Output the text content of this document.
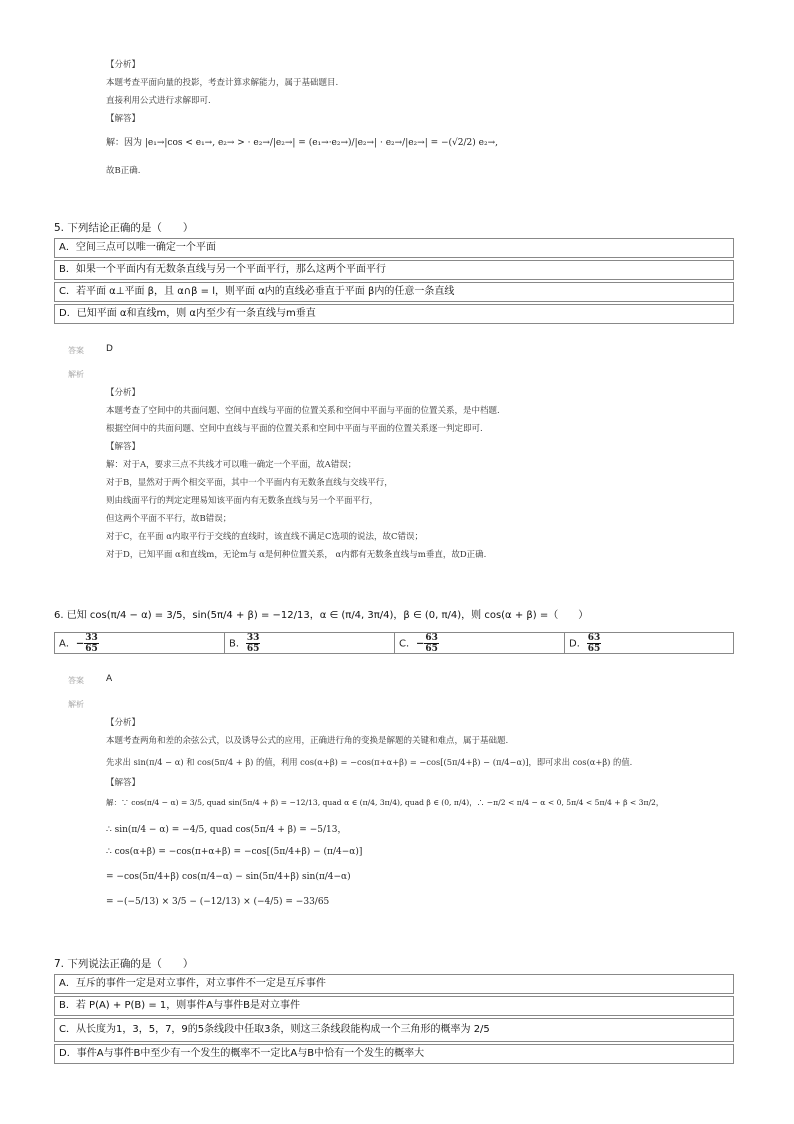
【分析】
本题考查平面向量的投影，考查计算求解能力，属于基础题目.
直接利用公式进行求解即可.
【解答】
解：因为 |e₁→|cos < e₁→, e₂→ > · e₂→/|e₂→| = (e₁→·e₂→)/|e₂→| · e₂→/|e₂→| = −(√2/2) e₂→,
故B正确.
5. 下列结论正确的是（　　）
A．空间三点可以唯一确定一个平面
B．如果一个平面内有无数条直线与另一个平面平行，那么这两个平面平行
C．若平面 α⊥平面 β，且 α∩β = l，则平面 α内的直线必垂直于平面 β内的任意一条直线
D．已知平面 α和直线m，则 α内至少有一条直线与m垂直
答案 D
解析
【分析】
本题考查了空间中的共面问题、空间中直线与平面的位置关系和空间中平面与平面的位置关系，是中档题.
根据空间中的共面问题、空间中直线与平面的位置关系和空间中平面与平面的位置关系逐一判定即可.
【解答】
解：对于A，要求三点不共线才可以唯一确定一个平面，故A错误；
对于B，显然对于两个相交平面，其中一个平面内有无数条直线与交线平行，
则由线面平行的判定定理易知该平面内有无数条直线与另一个平面平行，
但这两个平面不平行，故B错误；
对于C，在平面 α内取平行于交线的直线时，该直线不满足C选项的说法，故C错误；
对于D，已知平面 α和直线m，无论m与 α是何种位置关系， α内都有无数条直线与m垂直，故D正确.
6. 已知 cos(π/4 − α) = 3/5，sin(5π/4 + β) = −12/13，α ∈ (π/4, 3π/4)，β ∈ (0, π/4)，则 cos(α + β) =（　　）
A．− $\frac{33}{65}$	B． $\frac{33}{65}$	C．− $\frac{63}{65}$	D． $\frac{63}{65}$
答案 A
解析
【分析】
本题考查两角和差的余弦公式，以及诱导公式的应用，正确进行角的变换是解题的关键和难点，属于基础题.
先求出 sin(π/4 − α) 和 cos(5π/4 + β) 的值，利用 cos(α+β) = −cos(π+α+β) = −cos[(5π/4+β) − (π/4−α)]，即可求出 cos(α+β) 的值.
【解答】
解：∵ cos(π/4 − α) = 3/5, quad sin(5π/4 + β) = −12/13, quad α ∈ (π/4, 3π/4), quad β ∈ (0, π/4)，∴ −π/2 < π/4 − α < 0, 5π/4 < 5π/4 + β < 3π/2，
∴ sin(π/4 − α) = −4/5, quad cos(5π/4 + β) = −5/13，
∴ cos(α+β) = −cos(π+α+β) = −cos[(5π/4+β) − (π/4−α)]
= −cos(5π/4+β) cos(π/4−α) − sin(5π/4+β) sin(π/4−α)
= −(−5/13) × 3/5 − (−12/13) × (−4/5) = −33/65
7. 下列说法正确的是（　　）
A．互斥的事件一定是对立事件，对立事件不一定是互斥事件
B．若 P(A) + P(B) = 1，则事件A与事件B是对立事件
C．从长度为1，3，5，7，9的5条线段中任取3条，则这三条线段能构成一个三角形的概率为 2/5
D．事件A与事件B中至少有一个发生的概率不一定比A与B中恰有一个发生的概率大
